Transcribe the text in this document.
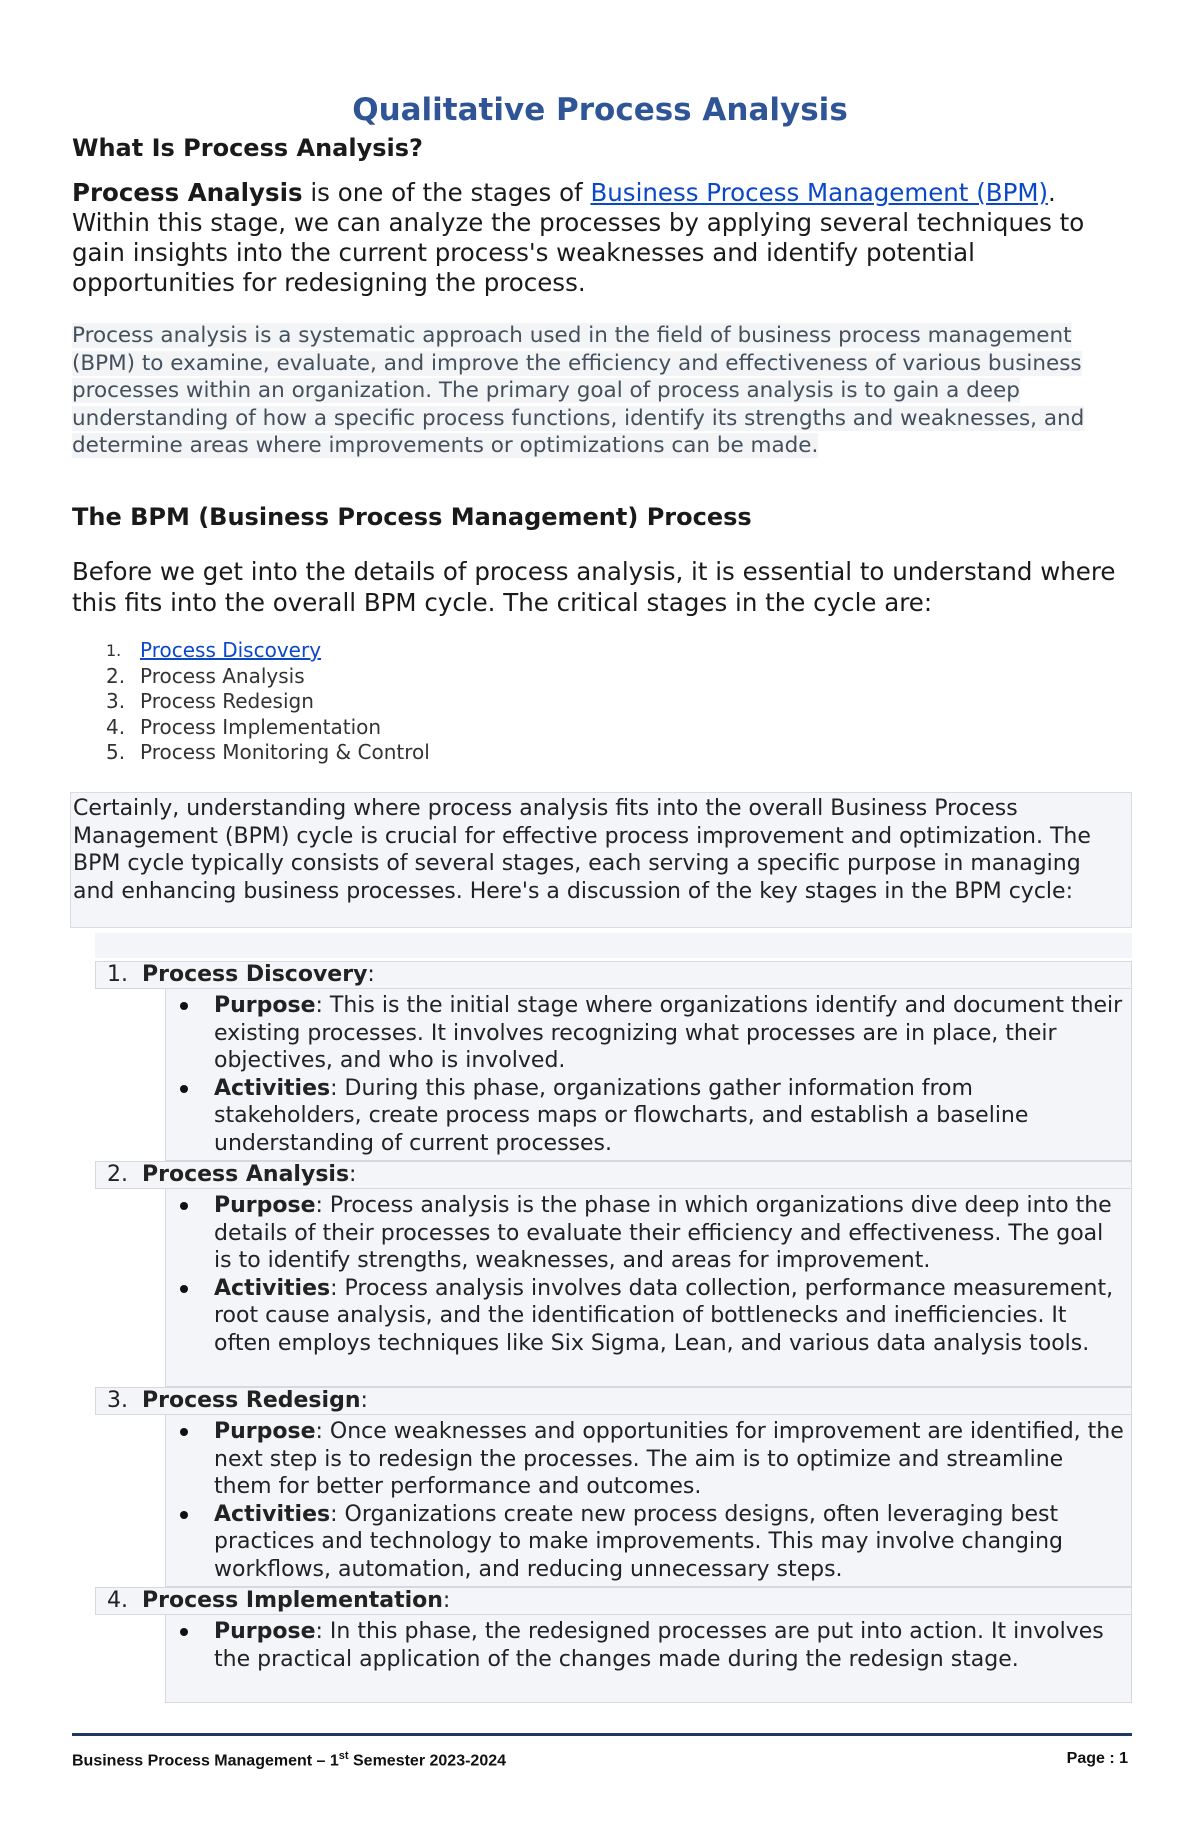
Qualitative Process Analysis
What Is Process Analysis?

Process Analysis is one of the stages of Business Process Management (BPM). Within this stage, we can analyze the processes by applying several techniques to gain insights into the current process's weaknesses and identify potential opportunities for redesigning the process.

Process analysis is a systematic approach used in the field of business process management (BPM) to examine, evaluate, and improve the efficiency and effectiveness of various business processes within an organization. The primary goal of process analysis is to gain a deep understanding of how a specific process functions, identify its strengths and weaknesses, and determine areas where improvements or optimizations can be made.

The BPM (Business Process Management) Process

Before we get into the details of process analysis, it is essential to understand where this fits into the overall BPM cycle. The critical stages in the cycle are:

1. Process Discovery
2. Process Analysis
3. Process Redesign
4. Process Implementation
5. Process Monitoring & Control
Certainly, understanding where process analysis fits into the overall Business Process Management (BPM) cycle is crucial for effective process improvement and optimization. The BPM cycle typically consists of several stages, each serving a specific purpose in managing and enhancing business processes. Here's a discussion of the key stages in the BPM cycle:
1. Process Discovery:
Purpose: This is the initial stage where organizations identify and document their existing processes. It involves recognizing what processes are in place, their objectives, and who is involved.
Activities: During this phase, organizations gather information from stakeholders, create process maps or flowcharts, and establish a baseline understanding of current processes.
2. Process Analysis:
Purpose: Process analysis is the phase in which organizations dive deep into the details of their processes to evaluate their efficiency and effectiveness. The goal is to identify strengths, weaknesses, and areas for improvement.
Activities: Process analysis involves data collection, performance measurement, root cause analysis, and the identification of bottlenecks and inefficiencies. It often employs techniques like Six Sigma, Lean, and various data analysis tools.
3. Process Redesign:
Purpose: Once weaknesses and opportunities for improvement are identified, the next step is to redesign the processes. The aim is to optimize and streamline them for better performance and outcomes.
Activities: Organizations create new process designs, often leveraging best practices and technology to make improvements. This may involve changing workflows, automation, and reducing unnecessary steps.
4. Process Implementation:
Purpose: In this phase, the redesigned processes are put into action. It involves the practical application of the changes made during the redesign stage.
Business Process Management – 1st Semester 2023-2024	Page : 1
